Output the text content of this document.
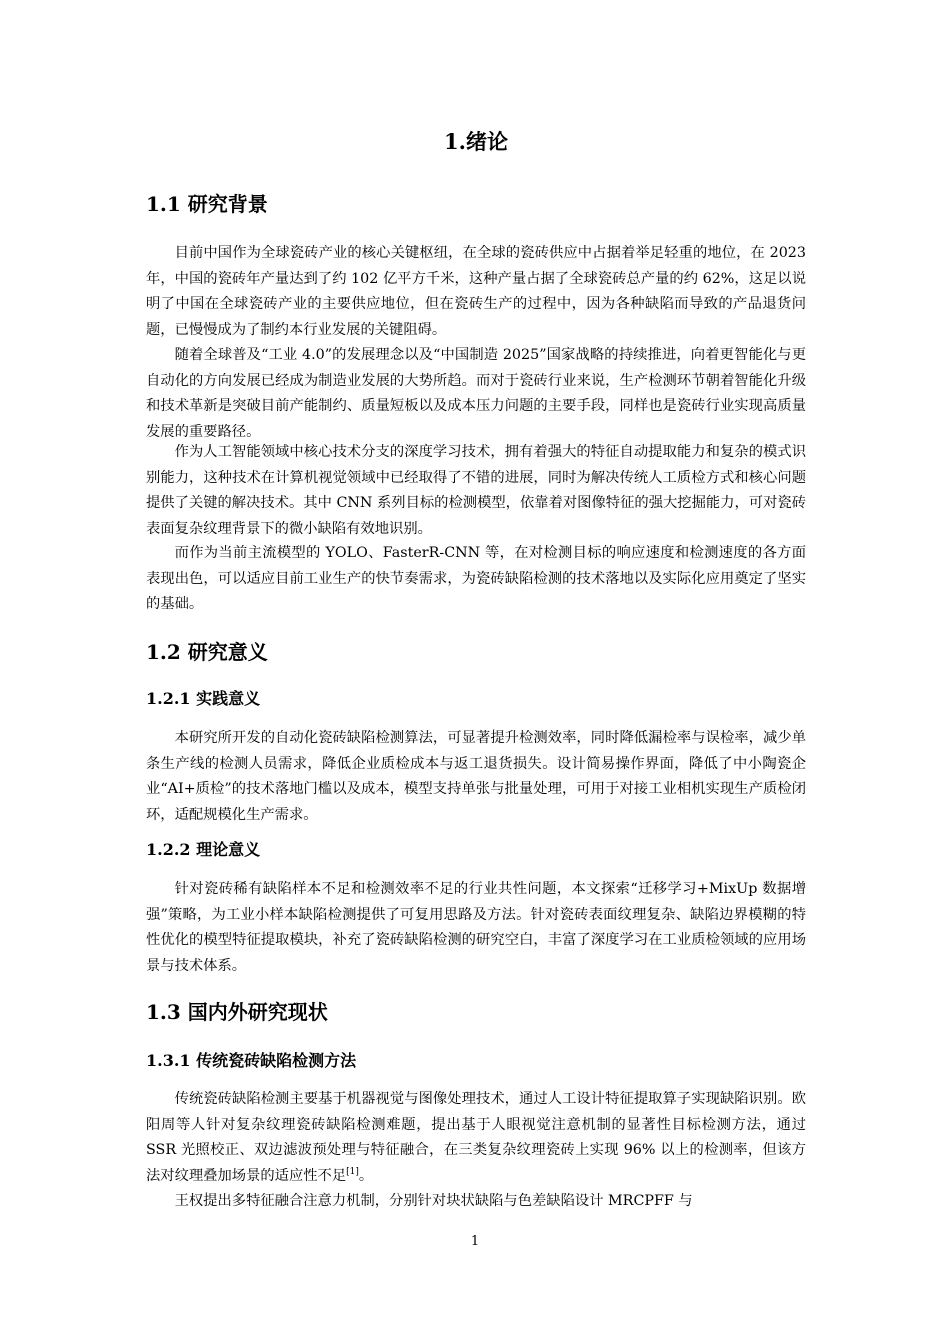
1.绪论
1.1 研究背景

目前中国作为全球瓷砖产业的核心关键枢纽，在全球的瓷砖供应中占据着举足轻重的地位，在 2023 年，中国的瓷砖年产量达到了约 102 亿平方千米，这种产量占据了全球瓷砖总产量的约 62%，这足以说明了中国在全球瓷砖产业的主要供应地位，但在瓷砖生产的过程中，因为各种缺陷而导致的产品退货问题，已慢慢成为了制约本行业发展的关键阻碍。

随着全球普及“工业 4.0”的发展理念以及“中国制造 2025”国家战略的持续推进，向着更智能化与更自动化的方向发展已经成为制造业发展的大势所趋。而对于瓷砖行业来说，生产检测环节朝着智能化升级和技术革新是突破目前产能制约、质量短板以及成本压力问题的主要手段，同样也是瓷砖行业实现高质量发展的重要路径。

作为人工智能领域中核心技术分支的深度学习技术，拥有着强大的特征自动提取能力和复杂的模式识别能力，这种技术在计算机视觉领域中已经取得了不错的进展，同时为解决传统人工质检方式和核心问题提供了关键的解决技术。其中 CNN 系列目标的检测模型，依靠着对图像特征的强大挖掘能力，可对瓷砖表面复杂纹理背景下的微小缺陷有效地识别。

而作为当前主流模型的 YOLO、FasterR-CNN 等，在对检测目标的响应速度和检测速度的各方面表现出色，可以适应目前工业生产的快节奏需求，为瓷砖缺陷检测的技术落地以及实际化应用奠定了坚实的基础。

1.2 研究意义
1.2.1 实践意义

本研究所开发的自动化瓷砖缺陷检测算法，可显著提升检测效率，同时降低漏检率与误检率，减少单条生产线的检测人员需求，降低企业质检成本与返工退货损失。设计简易操作界面，降低了中小陶瓷企业“AI+质检”的技术落地门槛以及成本，模型支持单张与批量处理，可用于对接工业相机实现生产质检闭环，适配规模化生产需求。

1.2.2 理论意义

针对瓷砖稀有缺陷样本不足和检测效率不足的行业共性问题，本文探索“迁移学习+MixUp 数据增强”策略，为工业小样本缺陷检测提供了可复用思路及方法。针对瓷砖表面纹理复杂、缺陷边界模糊的特性优化的模型特征提取模块，补充了瓷砖缺陷检测的研究空白，丰富了深度学习在工业质检领域的应用场景与技术体系。

1.3 国内外研究现状
1.3.1 传统瓷砖缺陷检测方法

传统瓷砖缺陷检测主要基于机器视觉与图像处理技术，通过人工设计特征提取算子实现缺陷识别。欧阳周等人针对复杂纹理瓷砖缺陷检测难题，提出基于人眼视觉注意机制的显著性目标检测方法，通过 SSR 光照校正、双边滤波预处理与特征融合，在三类复杂纹理瓷砖上实现 96% 以上的检测率，但该方法对纹理叠加场景的适应性不足[1]。

王权提出多特征融合注意力机制，分别针对块状缺陷与色差缺陷设计 MRCPFF 与

1
